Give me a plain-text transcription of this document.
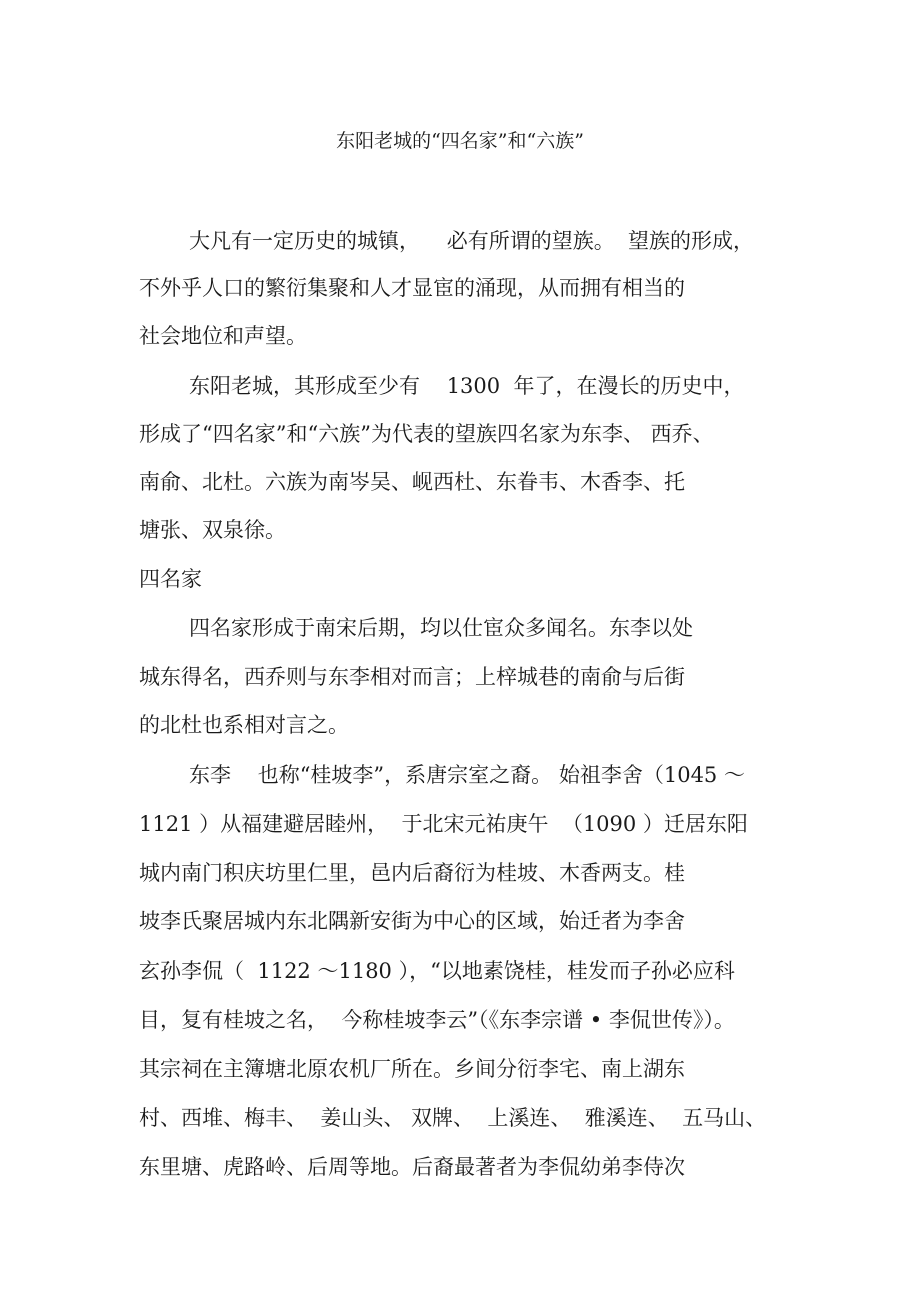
东阳老城的“四名家”和“六族”
大凡有一定历史的城镇，    必有所谓的望族。  望族的形成，
不外乎人口的繁衍集聚和人才显宦的涌现，从而拥有相当的
社会地位和声望。
东阳老城，其形成至少有    1300  年了，在漫长的历史中，
形成了“四名家”和“六族”为代表的望族四名家为东李、 西乔、
南俞、北杜。六族为南岑吴、岘西杜、东眷韦、木香李、托
塘张、双泉徐。
四名家
四名家形成于南宋后期，均以仕宦众多闻名。东李以处
城东得名，西乔则与东李相对而言；上梓城巷的南俞与后街
的北杜也系相对言之。
东李    也称“桂坡李”，系唐宗室之裔。 始祖李舍（1045 ～
1121 ）从福建避居睦州，  于北宋元祐庚午  （1090 ）迁居东阳
城内南门积庆坊里仁里，邑内后裔衍为桂坡、木香两支。桂
坡李氏聚居城内东北隅新安街为中心的区域，始迁者为李舍
玄孙李侃（  1122 ～1180 ），“以地素饶桂，桂发而子孙必应科
目，复有桂坡之名，  今称桂坡李云”（《东李宗谱 • 李侃世传》）。
其宗祠在主簿塘北原农机厂所在。乡间分衍李宅、南上湖东
村、西堆、梅丰、  姜山头、 双牌、  上溪连、  雅溪连、  五马山、
东里塘、虎路岭、后周等地。后裔最著者为李侃幼弟李侍次
